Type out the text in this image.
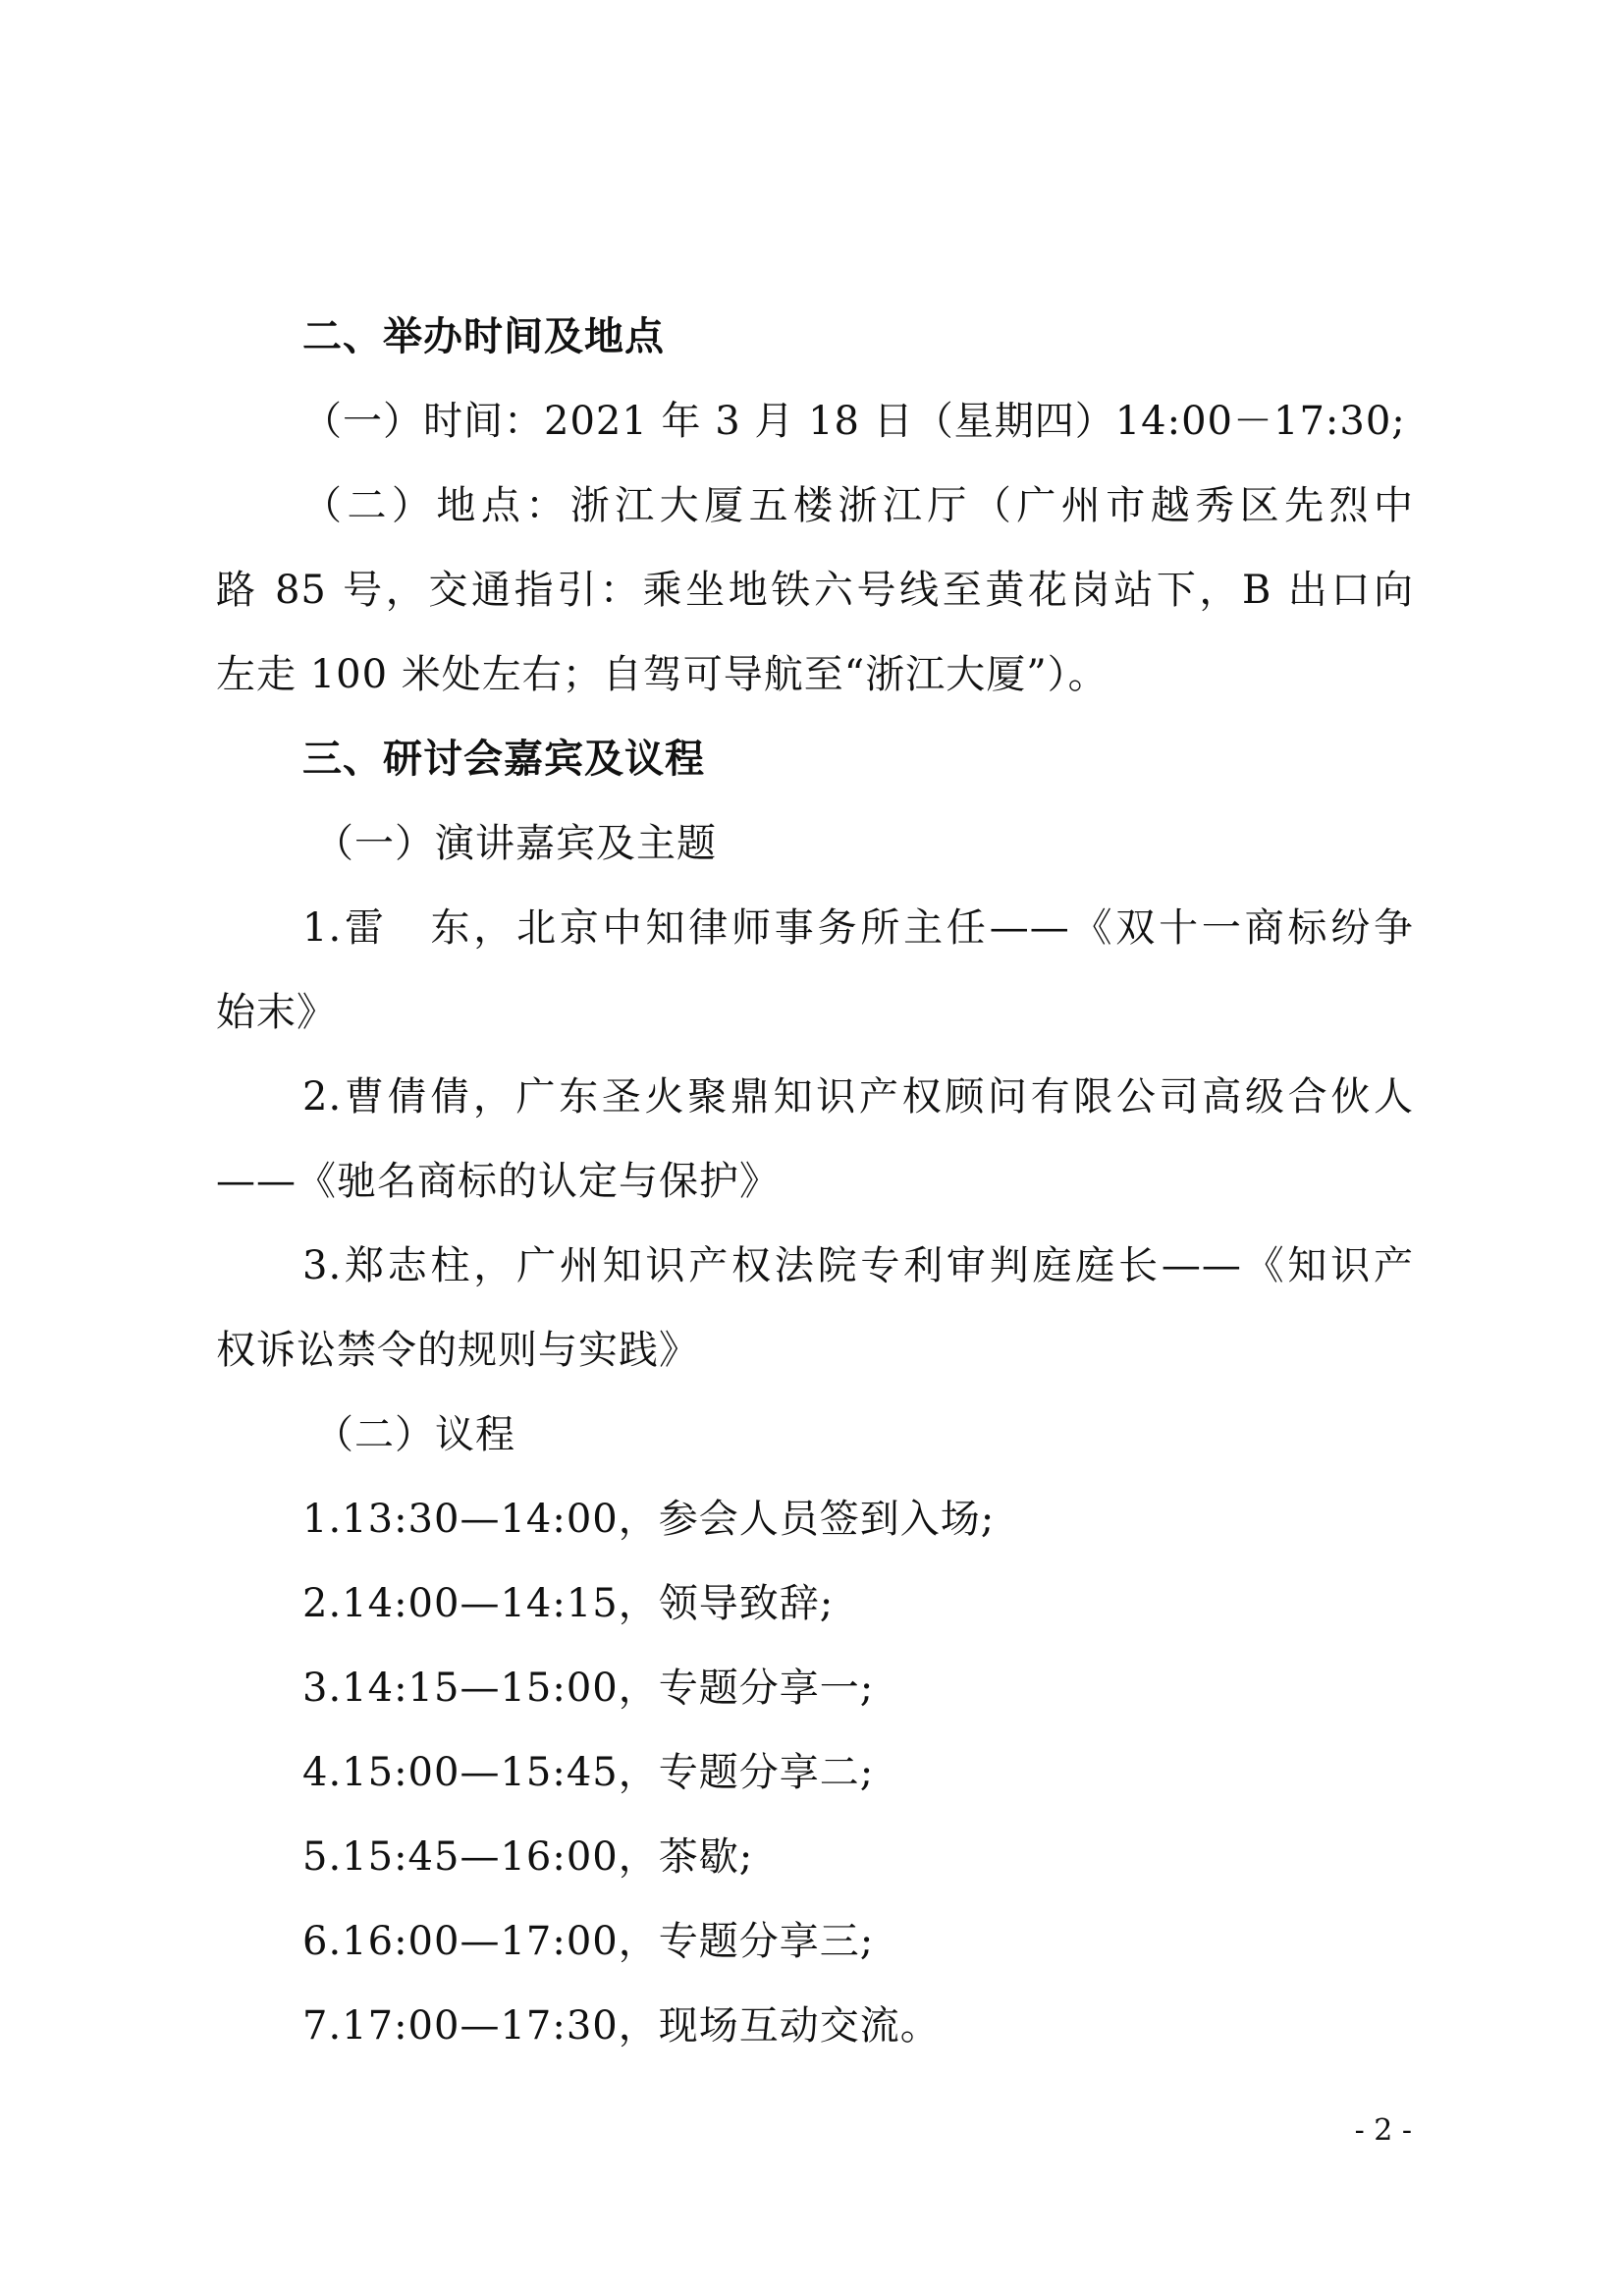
二、举办时间及地点
（一）时间：2021 年 3 月 18 日（星期四）14:00－17:30;
（二）地点：浙江大厦五楼浙江厅（广州市越秀区先烈中
路 85 号，交通指引：乘坐地铁六号线至黄花岗站下，B 出口向
左走 100 米处左右；自驾可导航至“浙江大厦”）。
三、研讨会嘉宾及议程
（一）演讲嘉宾及主题
1.雷　东，北京中知律师事务所主任——《双十一商标纷争
始末》
2.曹倩倩，广东圣火聚鼎知识产权顾问有限公司高级合伙人
——《驰名商标的认定与保护》
3.郑志柱，广州知识产权法院专利审判庭庭长——《知识产
权诉讼禁令的规则与实践》
（二）议程
1.13:30—14:00，参会人员签到入场;
2.14:00—14:15，领导致辞;
3.14:15—15:00，专题分享一;
4.15:00—15:45，专题分享二;
5.15:45—16:00，茶歇;
6.16:00—17:00，专题分享三;
7.17:00—17:30，现场互动交流。
- 2 -
